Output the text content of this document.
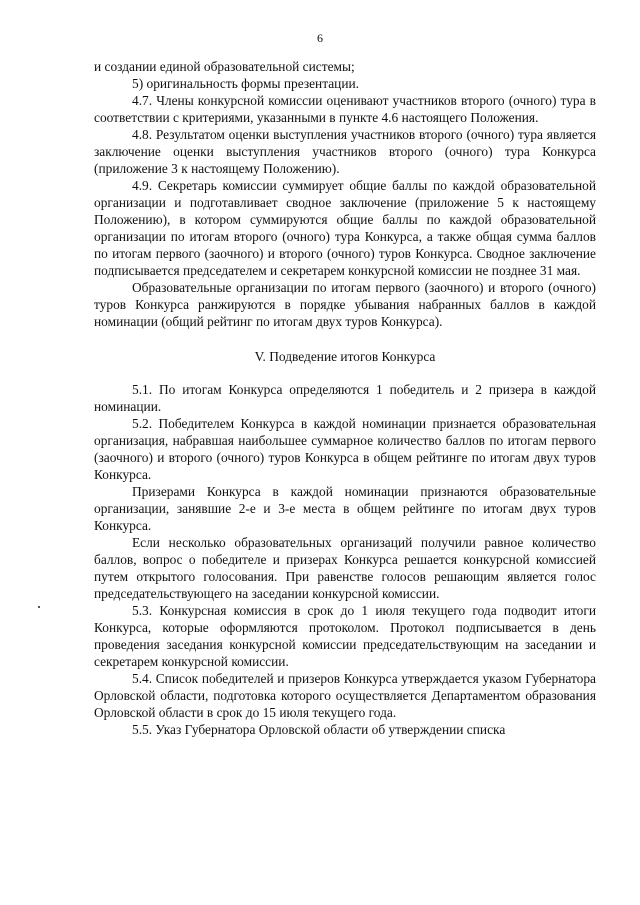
6

и создании единой образовательной системы;

5) оригинальность формы презентации.

4.7. Члены конкурсной комиссии оценивают участников второго (очного) тура в соответствии с критериями, указанными в пункте 4.6 настоящего Положения.

4.8. Результатом оценки выступления участников второго (очного) тура является заключение оценки выступления участников второго (очного) тура Конкурса (приложение 3 к настоящему Положению).

4.9. Секретарь комиссии суммирует общие баллы по каждой образовательной организации и подготавливает сводное заключение (приложение 5 к настоящему Положению), в котором суммируются общие баллы по каждой образовательной организации по итогам второго (очного) тура Конкурса, а также общая сумма баллов по итогам первого (заочного) и второго (очного) туров Конкурса. Сводное заключение подписывается председателем и секретарем конкурсной комиссии не позднее 31 мая.

Образовательные организации по итогам первого (заочного) и второго (очного) туров Конкурса ранжируются в порядке убывания набранных баллов в каждой номинации (общий рейтинг по итогам двух туров Конкурса).

V. Подведение итогов Конкурса

5.1. По итогам Конкурса определяются 1 победитель и 2 призера в каждой номинации.

5.2. Победителем Конкурса в каждой номинации признается образовательная организация, набравшая наибольшее суммарное количество баллов по итогам первого (заочного) и второго (очного) туров Конкурса в общем рейтинге по итогам двух туров Конкурса.

Призерами Конкурса в каждой номинации признаются образовательные организации, занявшие 2-е и 3-е места в общем рейтинге по итогам двух туров Конкурса.

Если несколько образовательных организаций получили равное количество баллов, вопрос о победителе и призерах Конкурса решается конкурсной комиссией путем открытого голосования. При равенстве голосов решающим является голос председательствующего на заседании конкурсной комиссии.

5.3. Конкурсная комиссия в срок до 1 июля текущего года подводит итоги Конкурса, которые оформляются протоколом. Протокол подписывается в день проведения заседания конкурсной комиссии председательствующим на заседании и секретарем конкурсной комиссии.

5.4. Список победителей и призеров Конкурса утверждается указом Губернатора Орловской области, подготовка которого осуществляется Департаментом образования Орловской области в срок до 15 июля текущего года.

5.5. Указ Губернатора Орловской области об утверждении списка
